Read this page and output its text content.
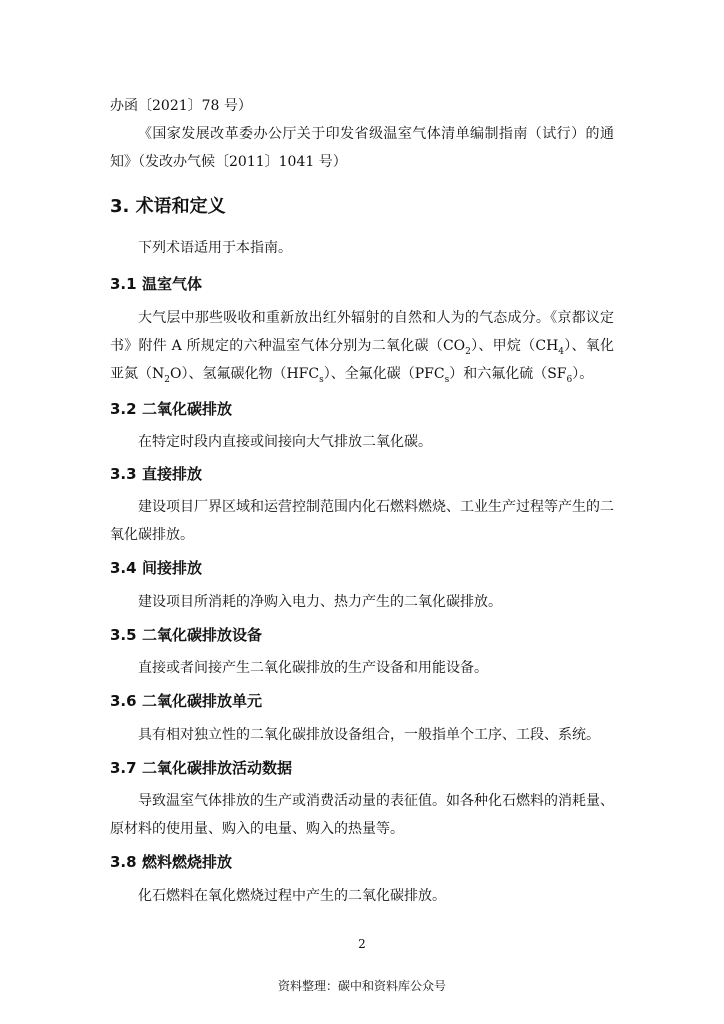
办函〔2021〕78 号）

《国家发展改革委办公厅关于印发省级温室气体清单编制指南（试行）的通知》（发改办气候〔2011〕1041 号）

3. 术语和定义

下列术语适用于本指南。

3.1 温室气体

大气层中那些吸收和重新放出红外辐射的自然和人为的气态成分。《京都议定书》附件 A 所规定的六种温室气体分别为二氧化碳$(CO_2)$、甲烷$(CH_4)$、氧化亚氮$(N_2O)$、氢氟碳化物$(HFC_s)$、全氟化碳$(PFC_s)$和六氟化硫$(SF_6)$。

3.2 二氧化碳排放

在特定时段内直接或间接向大气排放二氧化碳。

3.3 直接排放

建设项目厂界区域和运营控制范围内化石燃料燃烧、工业生产过程等产生的二氧化碳排放。

3.4 间接排放

建设项目所消耗的净购入电力、热力产生的二氧化碳排放。

3.5 二氧化碳排放设备

直接或者间接产生二氧化碳排放的生产设备和用能设备。

3.6 二氧化碳排放单元

具有相对独立性的二氧化碳排放设备组合，一般指单个工序、工段、系统。

3.7 二氧化碳排放活动数据

导致温室气体排放的生产或消费活动量的表征值。如各种化石燃料的消耗量、原材料的使用量、购入的电量、购入的热量等。

3.8 燃料燃烧排放

化石燃料在氧化燃烧过程中产生的二氧化碳排放。

2
资料整理：碳中和资料库公众号
